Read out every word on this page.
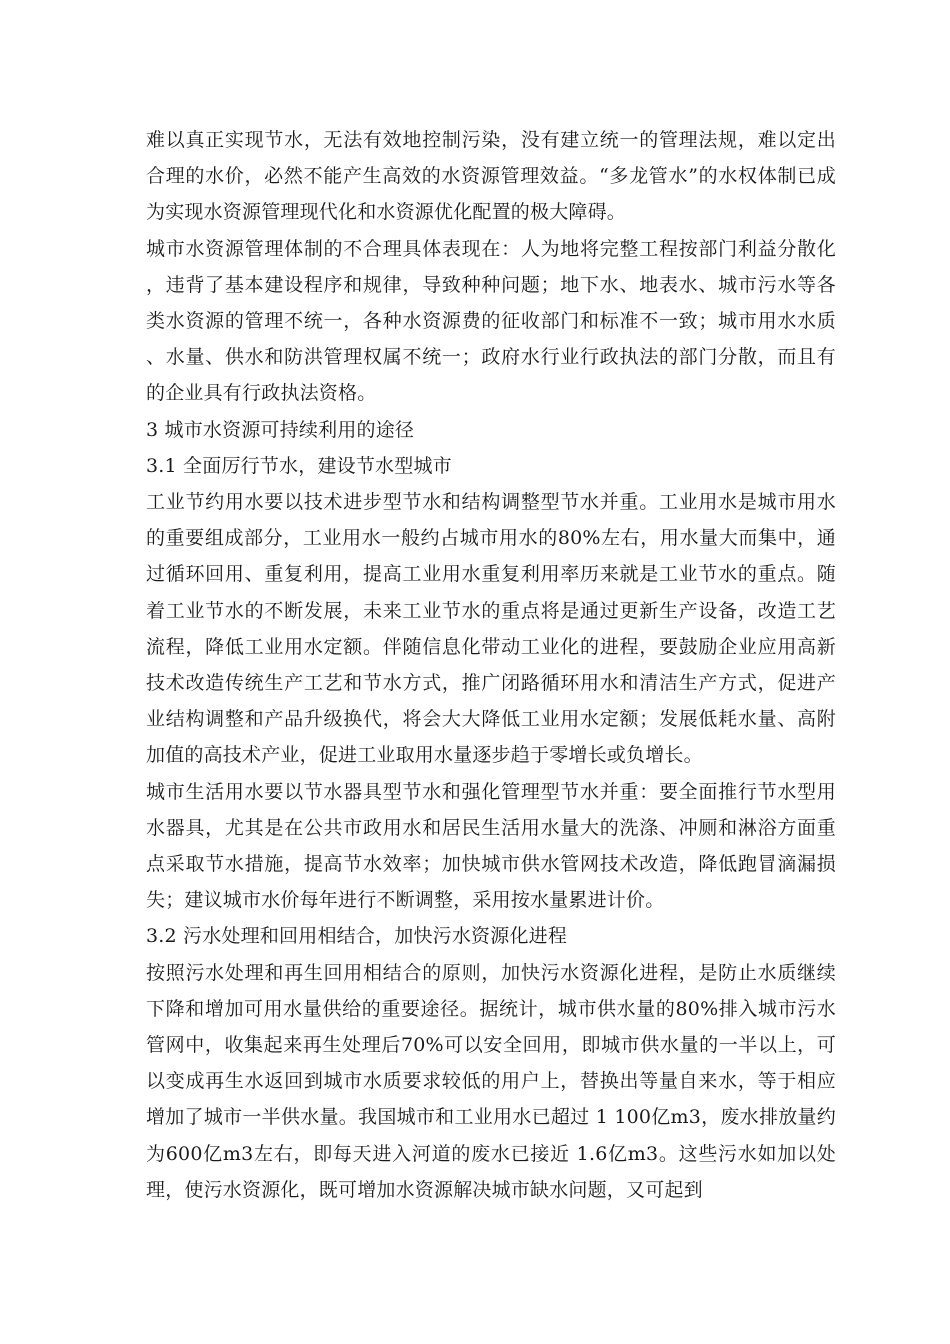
难以真正实现节水，无法有效地控制污染，没有建立统一的管理法规，难以定出合理的水价，必然不能产生高效的水资源管理效益。“多龙管水”的水权体制已成为实现水资源管理现代化和水资源优化配置的极大障碍。

城市水资源管理体制的不合理具体表现在：人为地将完整工程按部门利益分散化，违背了基本建设程序和规律，导致种种问题；地下水、地表水、城市污水等各类水资源的管理不统一，各种水资源费的征收部门和标准不一致；城市用水水质、水量、供水和防洪管理权属不统一；政府水行业行政执法的部门分散，而且有的企业具有行政执法资格。

3 城市水资源可持续利用的途径

3.1 全面厉行节水，建设节水型城市

工业节约用水要以技术进步型节水和结构调整型节水并重。工业用水是城市用水的重要组成部分，工业用水一般约占城市用水的80%左右，用水量大而集中，通过循环回用、重复利用，提高工业用水重复利用率历来就是工业节水的重点。随着工业节水的不断发展，未来工业节水的重点将是通过更新生产设备，改造工艺流程，降低工业用水定额。伴随信息化带动工业化的进程，要鼓励企业应用高新技术改造传统生产工艺和节水方式，推广闭路循环用水和清洁生产方式，促进产业结构调整和产品升级换代，将会大大降低工业用水定额；发展低耗水量、高附加值的高技术产业，促进工业取用水量逐步趋于零增长或负增长。

城市生活用水要以节水器具型节水和强化管理型节水并重：要全面推行节水型用水器具，尤其是在公共市政用水和居民生活用水量大的洗涤、冲厕和淋浴方面重点采取节水措施，提高节水效率；加快城市供水管网技术改造，降低跑冒滴漏损失；建议城市水价每年进行不断调整，采用按水量累进计价。

3.2 污水处理和回用相结合，加快污水资源化进程

按照污水处理和再生回用相结合的原则，加快污水资源化进程，是防止水质继续下降和增加可用水量供给的重要途径。据统计，城市供水量的80%排入城市污水管网中，收集起来再生处理后70%可以安全回用，即城市供水量的一半以上，可以变成再生水返回到城市水质要求较低的用户上，替换出等量自来水，等于相应增加了城市一半供水量。我国城市和工业用水已超过 1 100亿m3，废水排放量约为600亿m3左右，即每天进入河道的废水已接近 1.6亿m3。这些污水如加以处理，使污水资源化，既可增加水资源解决城市缺水问题，又可起到
